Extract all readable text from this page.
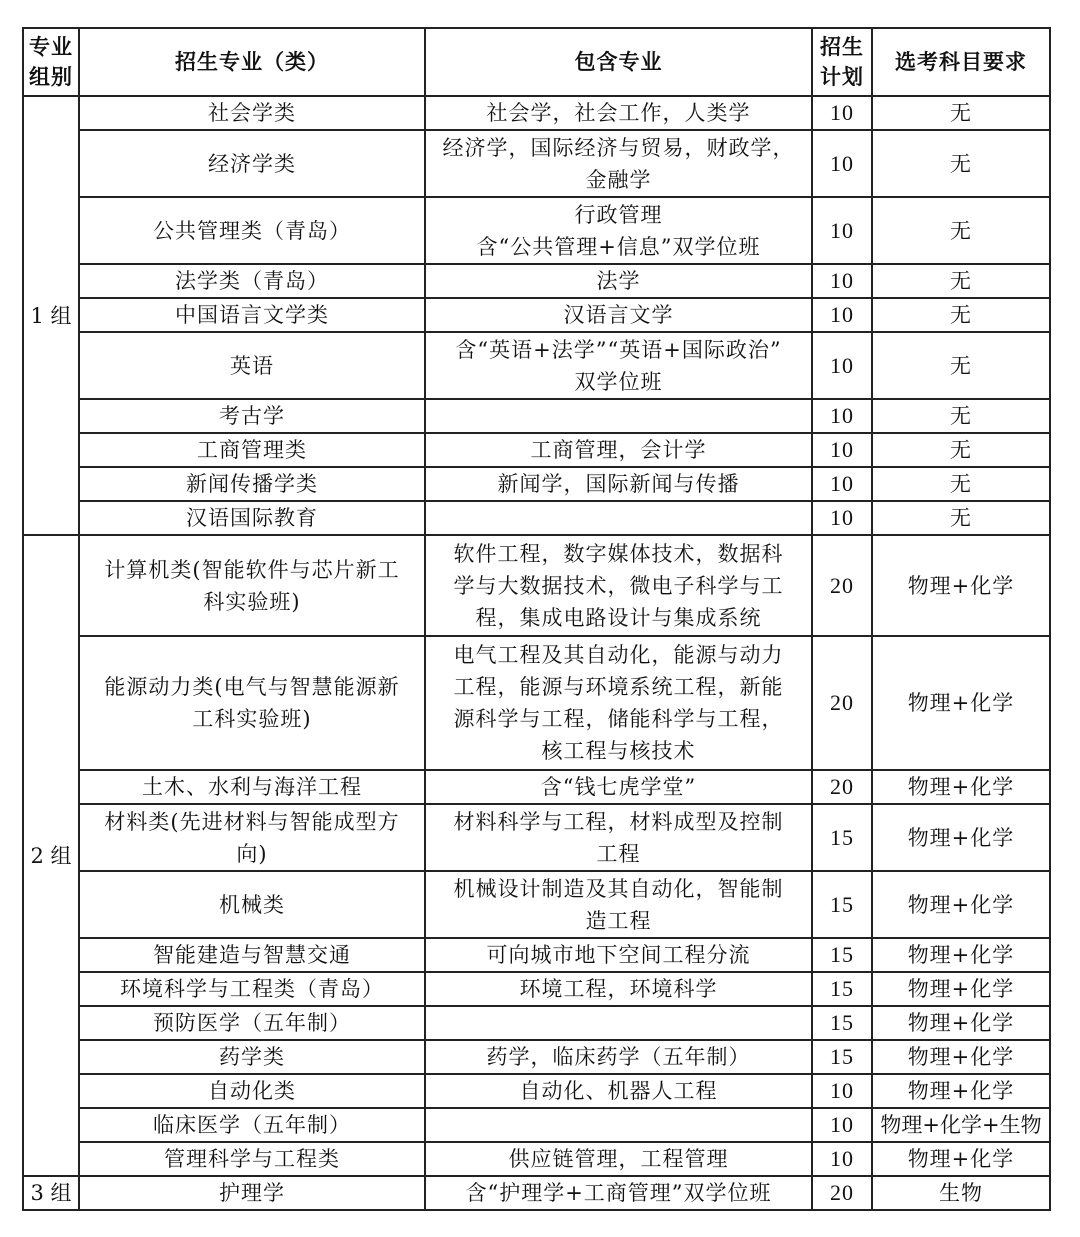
专业
组别	招生专业（类）	包含专业	招生
计划	选考科目要求
1 组	社会学类	社会学，社会工作，人类学	10	无
	经济学类	经济学，国际经济与贸易，财政学，
金融学	10	无
	公共管理类（青岛）	行政管理
含“公共管理+信息”双学位班	10	无
	法学类（青岛）	法学	10	无
	中国语言文学类	汉语言文学	10	无
	英语	含“英语+法学”“英语+国际政治”
双学位班	10	无
	考古学		10	无
	工商管理类	工商管理，会计学	10	无
	新闻传播学类	新闻学，国际新闻与传播	10	无
	汉语国际教育		10	无
2 组	计算机类(智能软件与芯片新工
科实验班)	软件工程，数字媒体技术，数据科
学与大数据技术，微电子科学与工
程，集成电路设计与集成系统	20	物理+化学
	能源动力类(电气与智慧能源新
工科实验班)	电气工程及其自动化，能源与动力
工程，能源与环境系统工程，新能
源科学与工程，储能科学与工程，
核工程与核技术	20	物理+化学
	土木、水利与海洋工程	含“钱七虎学堂”	20	物理+化学
	材料类(先进材料与智能成型方
向)	材料科学与工程，材料成型及控制
工程	15	物理+化学
	机械类	机械设计制造及其自动化，智能制
造工程	15	物理+化学
	智能建造与智慧交通	可向城市地下空间工程分流	15	物理+化学
	环境科学与工程类（青岛）	环境工程，环境科学	15	物理+化学
	预防医学（五年制）		15	物理+化学
	药学类	药学，临床药学（五年制）	15	物理+化学
	自动化类	自动化、机器人工程	10	物理+化学
	临床医学（五年制）		10	物理+化学+生物
	管理科学与工程类	供应链管理，工程管理	10	物理+化学
3 组	护理学	含“护理学+工商管理”双学位班	20	生物
